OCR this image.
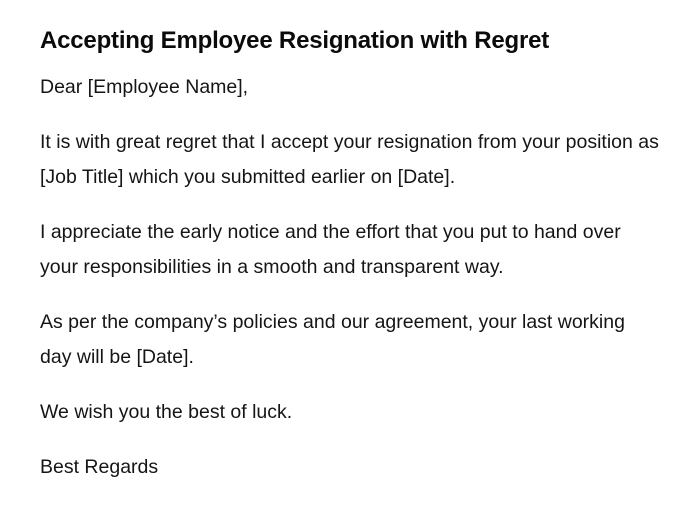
Accepting Employee Resignation with Regret

Dear [Employee Name],

It is with great regret that I accept your resignation from your position as [Job Title] which you submitted earlier on [Date].

I appreciate the early notice and the effort that you put to hand over your responsibilities in a smooth and transparent way.

As per the company’s policies and our agreement, your last working day will be [Date].

We wish you the best of luck.

Best Regards
